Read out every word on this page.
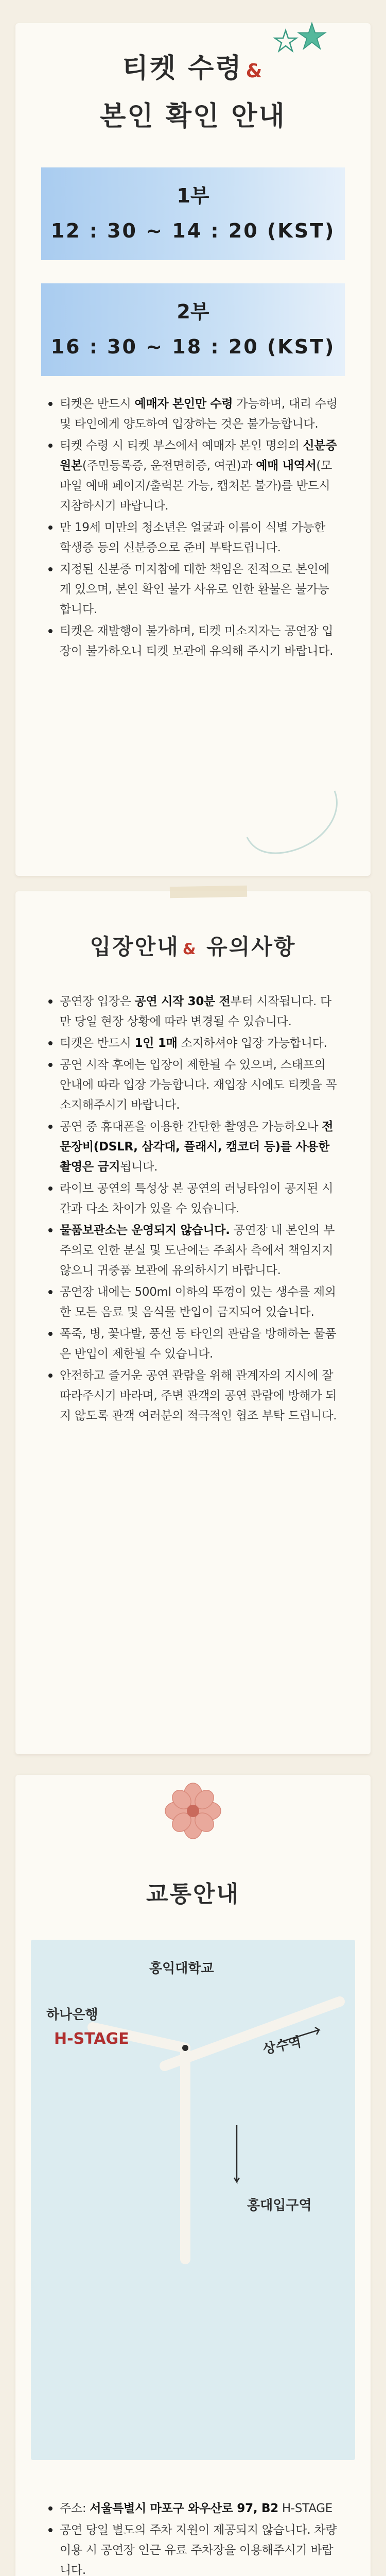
티켓 수령 &
본인 확인 안내
1부
12 : 30 ~ 14 : 20 (KST)
2부
16 : 30 ~ 18 : 20 (KST)
티켓은 반드시 예매자 본인만 수령 가능하며, 대리 수령 및 타인에게 양도하여 입장하는 것은 불가능합니다.
티켓 수령 시 티켓 부스에서 예매자 본인 명의의 신분증 원본(주민등록증, 운전면허증, 여권)과 예매 내역서(모바일 예매 페이지/출력본 가능, 캡처본 불가)를 반드시 지참하시기 바랍니다.
만 19세 미만의 청소년은 얼굴과 이름이 식별 가능한 학생증 등의 신분증으로 준비 부탁드립니다.
지정된 신분증 미지참에 대한 책임은 전적으로 본인에게 있으며, 본인 확인 불가 사유로 인한 환불은 불가능 합니다.
티켓은 재발행이 불가하며, 티켓 미소지자는 공연장 입장이 불가하오니 티켓 보관에 유의해 주시기 바랍니다.
입장안내 & 유의사항
공연장 입장은 공연 시작 30분 전부터 시작됩니다. 다만 당일 현장 상황에 따라 변경될 수 있습니다.
티켓은 반드시 1인 1매 소지하셔야 입장 가능합니다.
공연 시작 후에는 입장이 제한될 수 있으며, 스태프의 안내에 따라 입장 가능합니다. 재입장 시에도 티켓을 꼭 소지해주시기 바랍니다.
공연 중 휴대폰을 이용한 간단한 촬영은 가능하오나 전문장비(DSLR, 삼각대, 플래시, 캠코더 등)를 사용한 촬영은 금지됩니다.
라이브 공연의 특성상 본 공연의 러닝타임이 공지된 시간과 다소 차이가 있을 수 있습니다.
물품보관소는 운영되지 않습니다. 공연장 내 본인의 부주의로 인한 분실 및 도난에는 주최사 측에서 책임지지 않으니 귀중품 보관에 유의하시기 바랍니다.
공연장 내에는 500ml 이하의 뚜껑이 있는 생수를 제외한 모든 음료 및 음식물 반입이 금지되어 있습니다.
폭죽, 병, 꽃다발, 풍선 등 타인의 관람을 방해하는 물품은 반입이 제한될 수 있습니다.
안전하고 즐거운 공연 관람을 위해 관계자의 지시에 잘 따라주시기 바라며, 주변 관객의 공연 관람에 방해가 되지 않도록 관객 여러분의 적극적인 협조 부탁 드립니다.
교통안내
홍익대학교
상수역
홍대입구역
하나은행
H-STAGE
주소: 서울특별시 마포구 와우산로 97, B2 H-STAGE
공연 당일 별도의 주차 지원이 제공되지 않습니다. 차량 이용 시 공연장 인근 유료 주차장을 이용해주시기 바랍니다.
